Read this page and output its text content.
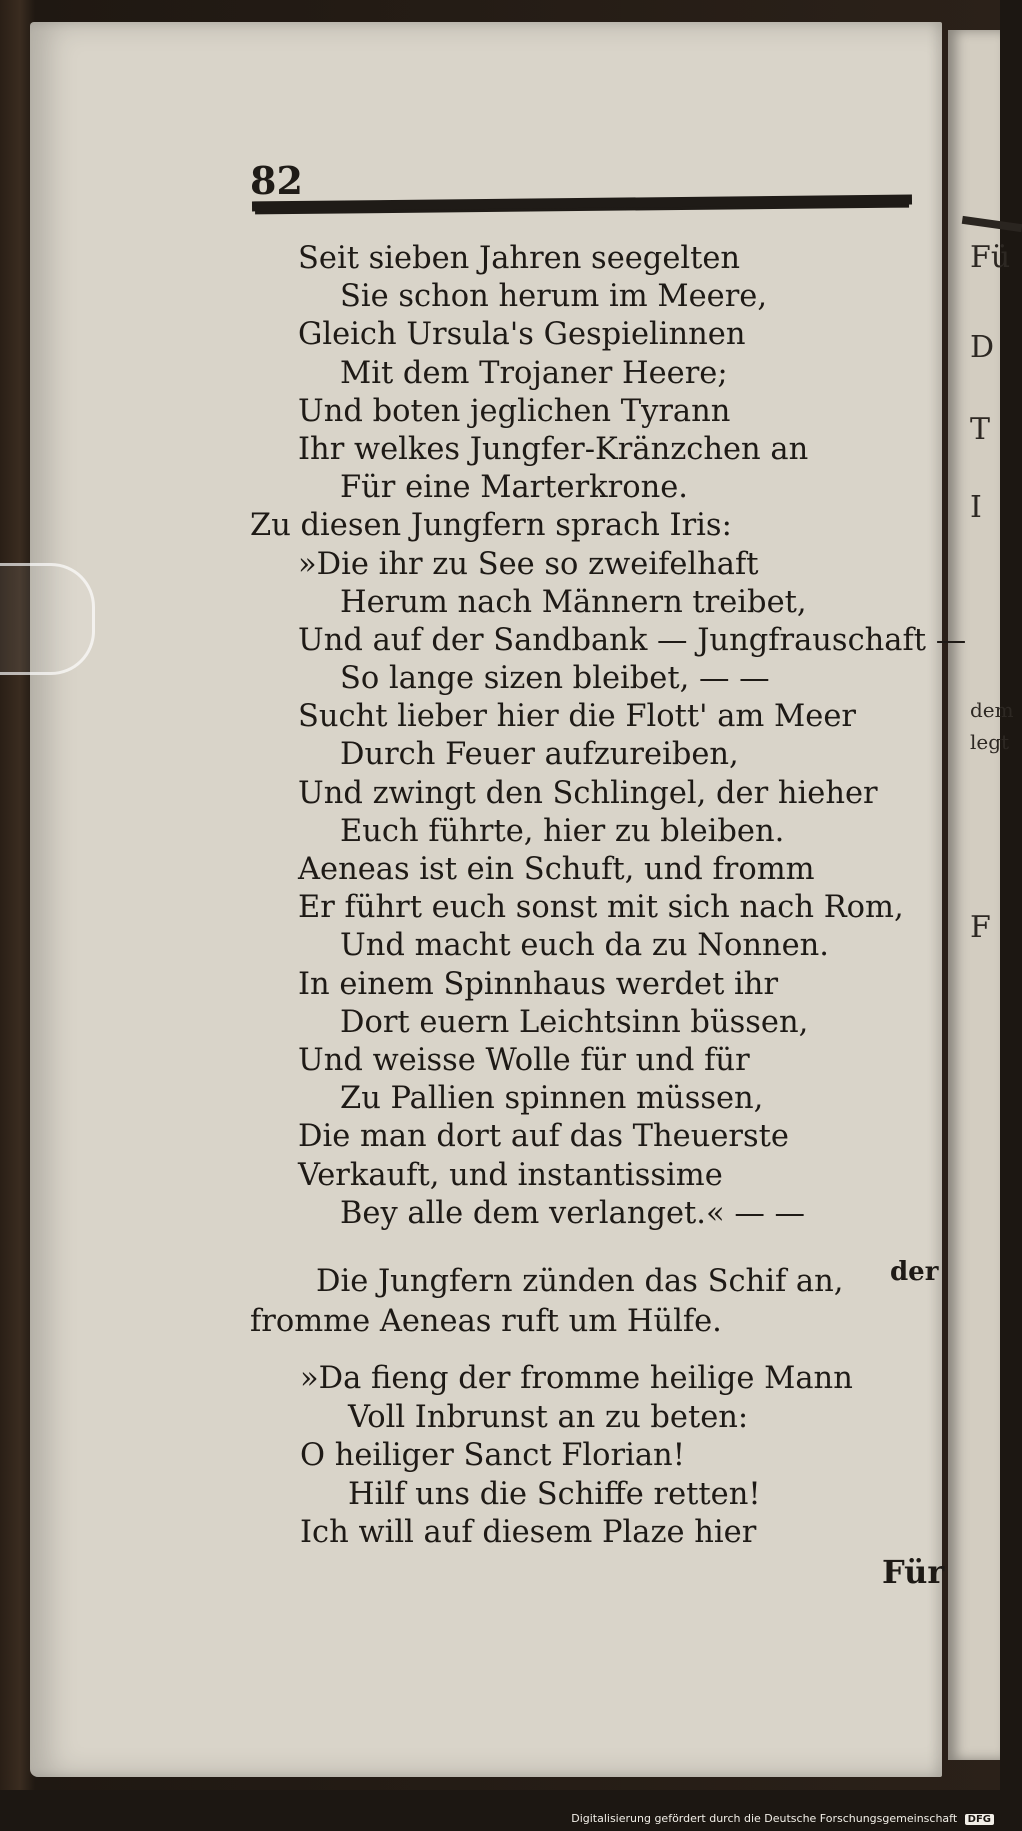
Fü
D
T
I
dem
legt
F
82
Seit sieben Jahren seegelten
Sie schon herum im Meere,
Gleich Ursula's Gespielinnen
Mit dem Trojaner Heere;
Und boten jeglichen Tyrann
Ihr welkes Jungfer-Kränzchen an
Für eine Marterkrone.
Zu diesen Jungfern sprach Iris:
»Die ihr zu See so zweifelhaft
Herum nach Männern treibet,
Und auf der Sandbank — Jungfrauschaft —
So lange sizen bleibet, — —
Sucht lieber hier die Flott' am Meer
Durch Feuer aufzureiben,
Und zwingt den Schlingel, der hieher
Euch führte, hier zu bleiben.
Aeneas ist ein Schuft, und fromm
Er führt euch sonst mit sich nach Rom,
Und macht euch da zu Nonnen.
In einem Spinnhaus werdet ihr
Dort euern Leichtsinn büssen,
Und weisse Wolle für und für
Zu Pallien spinnen müssen,
Die man dort auf das Theuerste
Verkauft, und instantissime
Bey alle dem verlanget.« — —
der
Die Jungfern zünden das Schif an,
fromme Aeneas ruft um Hülfe.
»Da fieng der fromme heilige Mann
Voll Inbrunst an zu beten:
O heiliger Sanct Florian!
Hilf uns die Schiffe retten!
Ich will auf diesem Plaze hier
Für
Digitalisierung gefördert durch die Deutsche Forschungsgemeinschaft DFG
